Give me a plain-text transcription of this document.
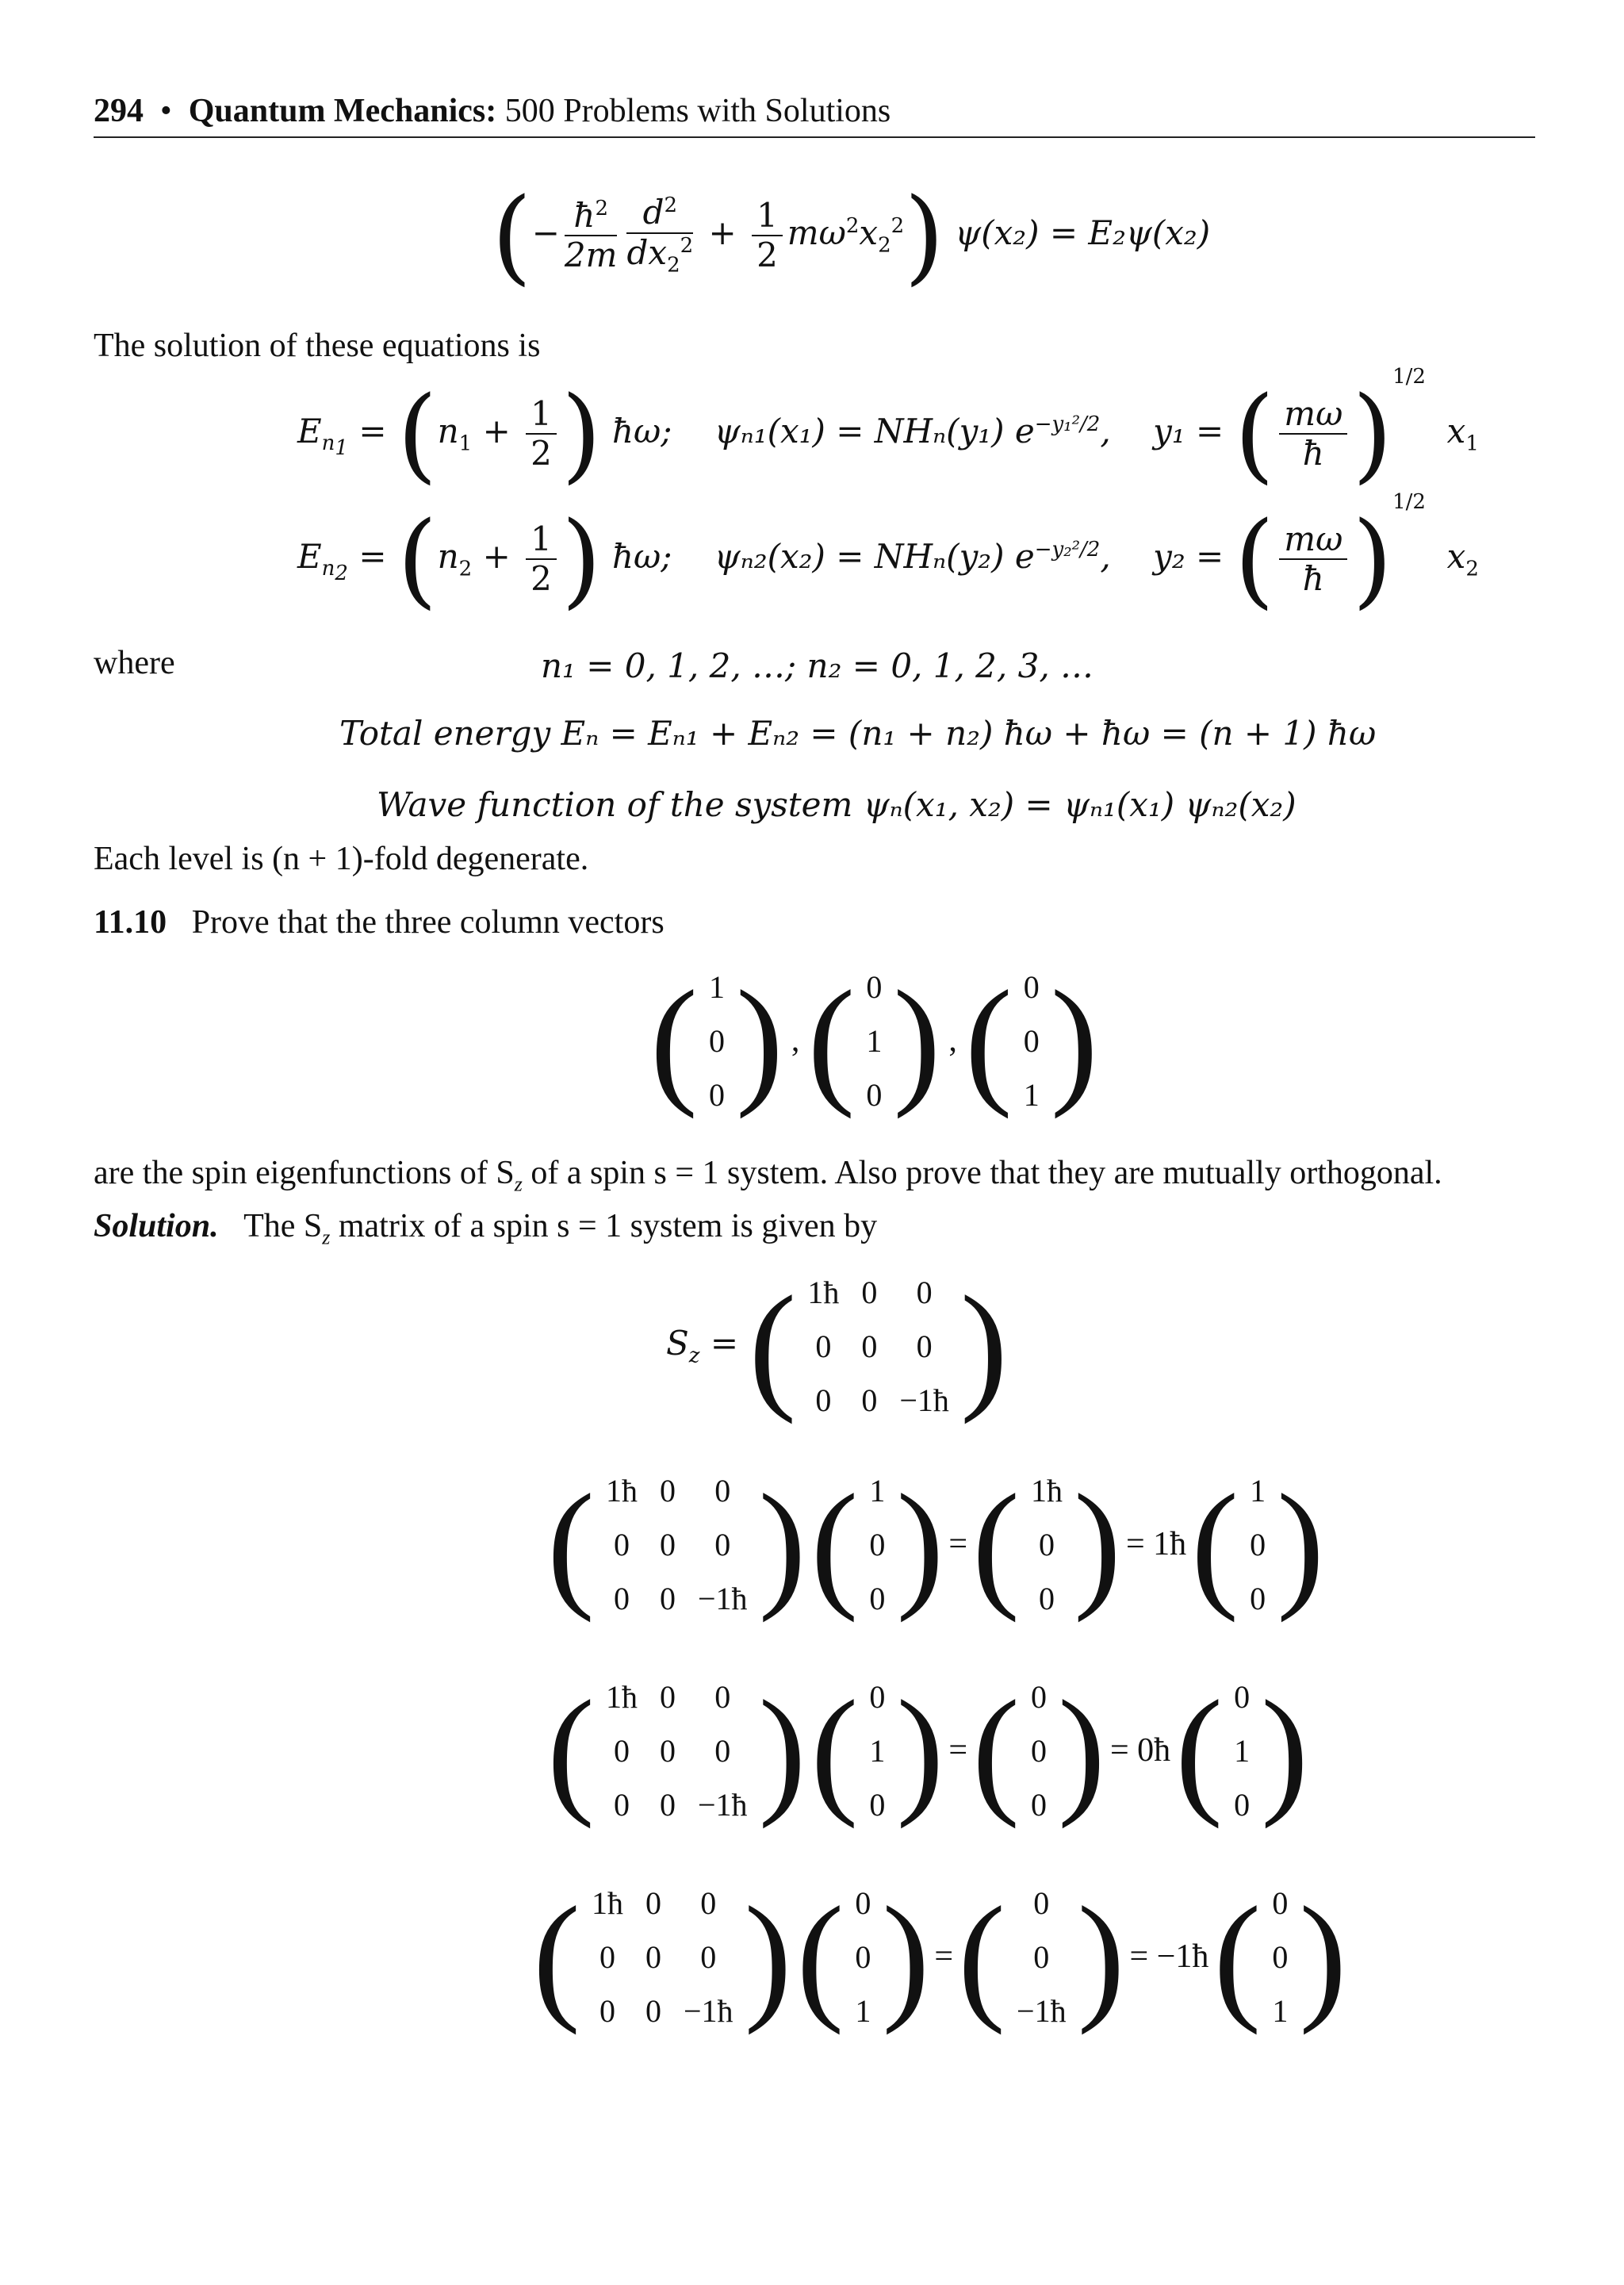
294 • Quantum Mechanics: 500 Problems with Solutions
(− $\frac{ħ^2}{2m} \frac{d^2}{dx_2^2} + \frac{1}{2} m\omega^2x_2^2$) ψ(x₂) = E₂ψ(x₂)
The solution of these equations is
$E_{n_1} = (n_1 + \frac{1}{2}$ ) ħω; ψₙ₁(x₁) = NHₙ(y₁) $e^{-y_1^2/2}$,    y₁ = ( $\frac{m\omega}{ħ} )^{1/2}$  $x_1$
$E_{n_2} = (n_2 + \frac{1}{2}$ ) ħω; ψₙ₂(x₂) = NHₙ(y₂) $e^{-y_2^2/2}$,    y₂ = ( $\frac{m\omega}{ħ} )^{1/2}$  $x_2$
where	n₁ = 0, 1, 2, …; n₂ = 0, 1, 2, 3, …
Total energy Eₙ = Eₙ₁ + Eₙ₂ = (n₁ + n₂) ħω + ħω = (n + 1) ħω
Wave function of the system ψₙ(x₁, x₂) = ψₙ₁(x₁) ψₙ₂(x₂)
Each level is (n + 1)-fold degenerate.
11.10 Prove that the three column vectors
( 1
0
0 ) , ( 0
1
0 ) , ( 0
0
1 )
are the spin eigenfunctions of $S_z$ of a spin s = 1 system. Also prove that they are mutually orthogonal.
Solution. The $S_z$ matrix of a spin s = 1 system is given by
$S_z$ = ( 1ħ	0	0
0	0	0
0	0	−1ħ )
( 1ħ	0	0
0	0	0
0	0	−1ħ ) ( 1
0
0 ) = ( 1ħ
0
0 ) = 1ħ ( 1
0
0 )
( 1ħ	0	0
0	0	0
0	0	−1ħ ) ( 0
1
0 ) = ( 0
0
0 ) = 0ħ ( 0
1
0 )
( 1ħ	0	0
0	0	0
0	0	−1ħ ) ( 0
0
1 ) = ( 0
0
−1ħ ) = −1ħ ( 0
0
1 )
